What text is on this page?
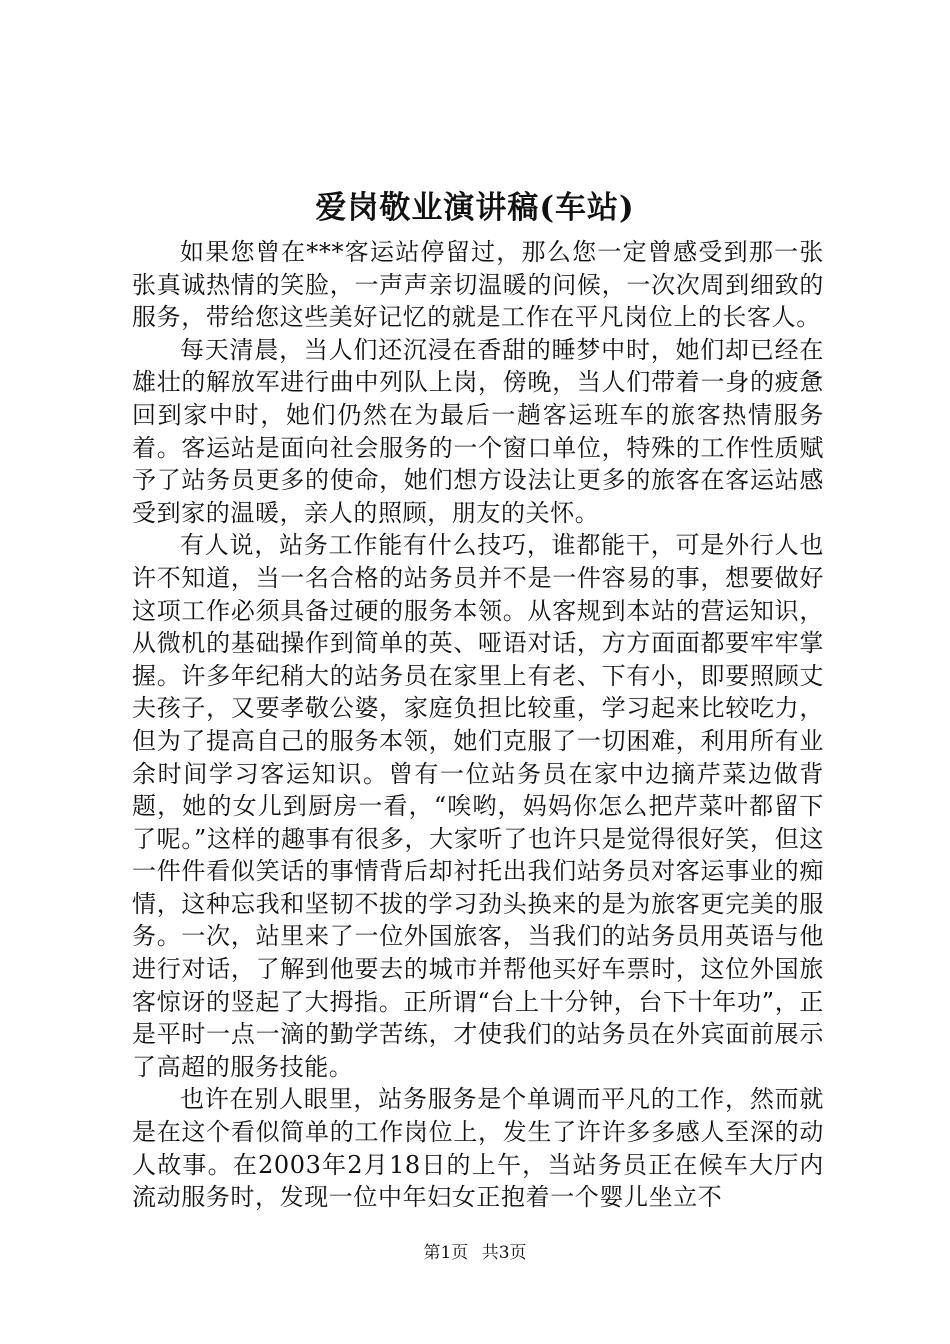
爱岗敬业演讲稿(车站)

如果您曾在***客运站停留过，那么您一定曾感受到那一张张真诚热情的笑脸，一声声亲切温暖的问候，一次次周到细致的服务，带给您这些美好记忆的就是工作在平凡岗位上的长客人。

每天清晨，当人们还沉浸在香甜的睡梦中时，她们却已经在雄壮的解放军进行曲中列队上岗，傍晚，当人们带着一身的疲惫回到家中时，她们仍然在为最后一趟客运班车的旅客热情服务着。客运站是面向社会服务的一个窗口单位，特殊的工作性质赋予了站务员更多的使命，她们想方设法让更多的旅客在客运站感受到家的温暖，亲人的照顾，朋友的关怀。

有人说，站务工作能有什么技巧，谁都能干，可是外行人也许不知道，当一名合格的站务员并不是一件容易的事，想要做好这项工作必须具备过硬的服务本领。从客规到本站的营运知识，从微机的基础操作到简单的英、哑语对话，方方面面都要牢牢掌握。许多年纪稍大的站务员在家里上有老、下有小，即要照顾丈夫孩子，又要孝敬公婆，家庭负担比较重，学习起来比较吃力，但为了提高自己的服务本领，她们克服了一切困难，利用所有业余时间学习客运知识。曾有一位站务员在家中边摘芹菜边做背题，她的女儿到厨房一看，“唉哟，妈妈你怎么把芹菜叶都留下了呢。”这样的趣事有很多，大家听了也许只是觉得很好笑，但这一件件看似笑话的事情背后却衬托出我们站务员对客运事业的痴情，这种忘我和坚韧不拔的学习劲头换来的是为旅客更完美的服务。一次，站里来了一位外国旅客，当我们的站务员用英语与他进行对话，了解到他要去的城市并帮他买好车票时，这位外国旅客惊讶的竖起了大拇指。正所谓“台上十分钟，台下十年功”，正是平时一点一滴的勤学苦练，才使我们的站务员在外宾面前展示了高超的服务技能。

也许在别人眼里，站务服务是个单调而平凡的工作，然而就是在这个看似简单的工作岗位上，发生了许许多多感人至深的动人故事。在2003年2月18日的上午，当站务员正在候车大厅内流动服务时，发现一位中年妇女正抱着一个婴儿坐立不

第1页 共3页
